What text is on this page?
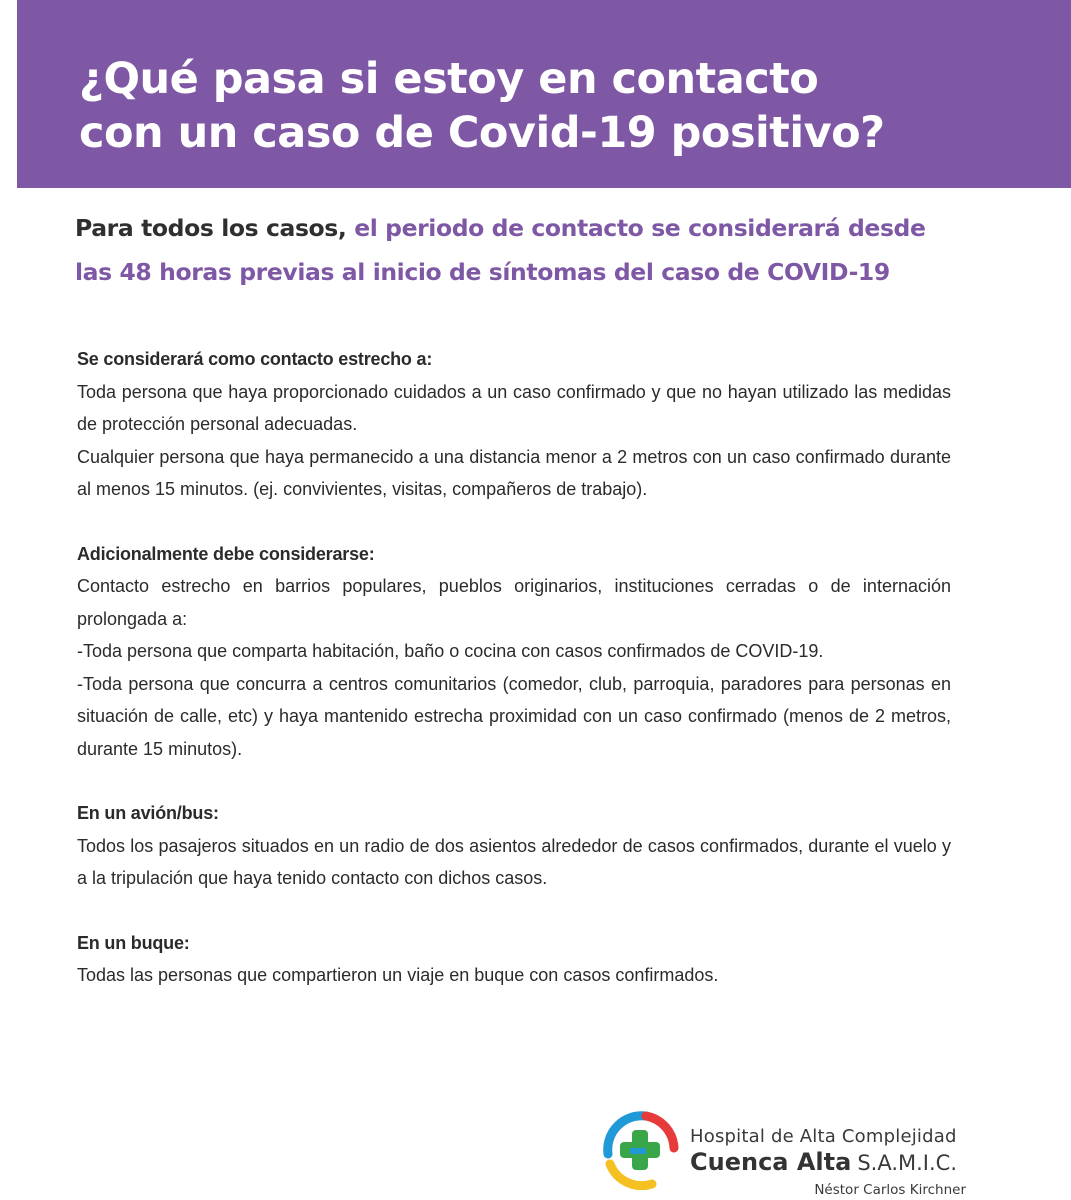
¿Qué pasa si estoy en contacto
con un caso de Covid-19 positivo?

Para todos los casos, el periodo de contacto se considerará desde
las 48 horas previas al inicio de síntomas del caso de COVID-19

Se considerará como contacto estrecho a:

Toda persona que haya proporcionado cuidados a un caso confirmado y que no hayan utilizado las medidas de protección personal adecuadas.

Cualquier persona que haya permanecido a una distancia menor a 2 metros con un caso confirmado durante al menos 15 minutos. (ej. convivientes, visitas, compañeros de trabajo).

Adicionalmente debe considerarse:

Contacto estrecho en barrios populares, pueblos originarios, instituciones cerradas o de internación prolongada a:

-Toda persona que comparta habitación, baño o cocina con casos confirmados de COVID-19.

-Toda persona que concurra a centros comunitarios (comedor, club, parroquia, paradores para personas en situación de calle, etc) y haya mantenido estrecha proximidad con un caso confirmado (menos de 2 metros, durante 15 minutos).

En un avión/bus:

Todos los pasajeros situados en un radio de dos asientos alrededor de casos confirmados, durante el vuelo y a la tripulación que haya tenido contacto con dichos casos.

En un buque:

Todas las personas que compartieron un viaje en buque con casos confirmados.

Hospital de Alta Complejidad
Cuenca Alta S.A.M.I.C.
Néstor Carlos Kirchner
